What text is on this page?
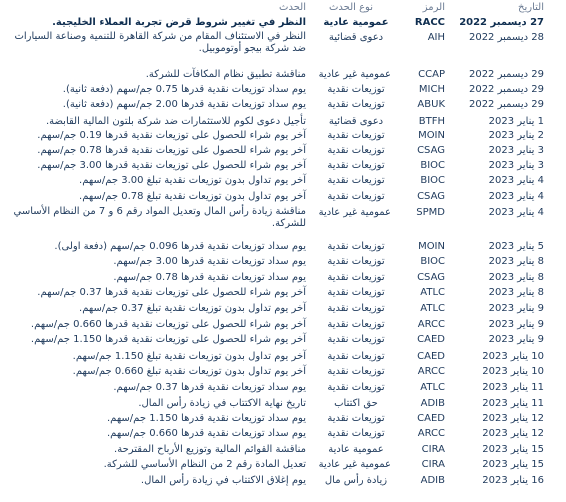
التاريخ
الرمز
نوع الحدث
الحدث
27 ديسمبر 2022
RACC
عمومية عادية
النظر في تغيير شروط قرض تجربة العملاء الخليجية.
28 ديسمبر 2022
AIH
دعوى قضائية
النظر في الاستئناف المقام من شركة القاهرة للتنمية وصناعة السيارات ضد شركة بيجو أوتوموبيل.
29 ديسمبر 2022
CCAP
عمومية غير عادية
مناقشة تطبيق نظام المكافآت للشركة.
29 ديسمبر 2022
MICH
توزيعات نقدية
يوم سداد توزيعات نقدية قدرها 0.75 جم/سهم (دفعة ثانية).
29 ديسمبر 2022
ABUK
توزيعات نقدية
يوم سداد توزيعات نقدية قدرها 2.00 جم/سهم (دفعة ثانية).
1 يناير 2023
BTFH
دعوى قضائية
تأجيل دعوى لكوم للاستثمارات ضد شركة بلتون المالية القابضة.
2 يناير 2023
MOIN
توزيعات نقدية
آخر يوم شراء للحصول على توزيعات نقدية قدرها 0.19 جم/سهم.
3 يناير 2023
CSAG
توزيعات نقدية
آخر يوم شراء للحصول على توزيعات نقدية قدرها 0.78 جم/سهم.
3 يناير 2023
BIOC
توزيعات نقدية
آخر يوم شراء للحصول على توزيعات نقدية قدرها 3.00 جم/سهم.
4 يناير 2023
BIOC
توزيعات نقدية
آخر يوم تداول بدون توزيعات نقدية تبلغ 3.00 جم/سهم.
4 يناير 2023
CSAG
توزيعات نقدية
آخر يوم تداول بدون توزيعات نقدية تبلغ 0.78 جم/سهم.
4 يناير 2023
SPMD
عمومية غير عادية
مناقشة زيادة رأس المال وتعديل المواد رقم 6 و 7 من النظام الأساسي للشركة.
5 يناير 2023
MOIN
توزيعات نقدية
يوم سداد توزيعات نقدية قدرها 0.096 جم/سهم (دفعة اولى).
8 يناير 2023
BIOC
توزيعات نقدية
يوم سداد توزيعات نقدية قدرها 3.00 جم/سهم.
8 يناير 2023
CSAG
توزيعات نقدية
يوم سداد توزيعات نقدية قدرها 0.78 جم/سهم.
8 يناير 2023
ATLC
توزيعات نقدية
آخر يوم شراء للحصول على توزيعات نقدية قدرها 0.37 جم/سهم.
9 يناير 2023
ATLC
توزيعات نقدية
آخر يوم تداول بدون توزيعات نقدية تبلغ 0.37 جم/سهم.
9 يناير 2023
ARCC
توزيعات نقدية
آخر يوم شراء للحصول على توزيعات نقدية قدرها 0.660 جم/سهم.
9 يناير 2023
CAED
توزيعات نقدية
آخر يوم شراء للحصول على توزيعات نقدية قدرها 1.150 جم/سهم.
10 يناير 2023
CAED
توزيعات نقدية
آخر يوم تداول بدون توزيعات نقدية تبلغ 1.150 جم/سهم.
10 يناير 2023
ARCC
توزيعات نقدية
آخر يوم تداول بدون توزيعات نقدية تبلغ 0.660 جم/سهم.
11 يناير 2023
ATLC
توزيعات نقدية
يوم سداد توزيعات نقدية قدرها 0.37 جم/سهم.
11 يناير 2023
ADIB
حق اكتتاب
تاريخ نهاية الاكتتاب في زيادة رأس المال.
12 يناير 2023
CAED
توزيعات نقدية
يوم سداد توزيعات نقدية قدرها 1.150 جم/سهم.
12 يناير 2023
ARCC
توزيعات نقدية
يوم سداد توزيعات نقدية قدرها 0.660 جم/سهم.
15 يناير 2023
CIRA
عمومية عادية
مناقشة القوائم المالية وتوزيع الأرباح المقترحة.
15 يناير 2023
CIRA
عمومية غير عادية
تعديل المادة رقم 2 من النظام الأساسي للشركة.
16 يناير 2023
ADIB
زيادة رأس مال
يوم إغلاق الاكتتاب في زيادة رأس المال.
